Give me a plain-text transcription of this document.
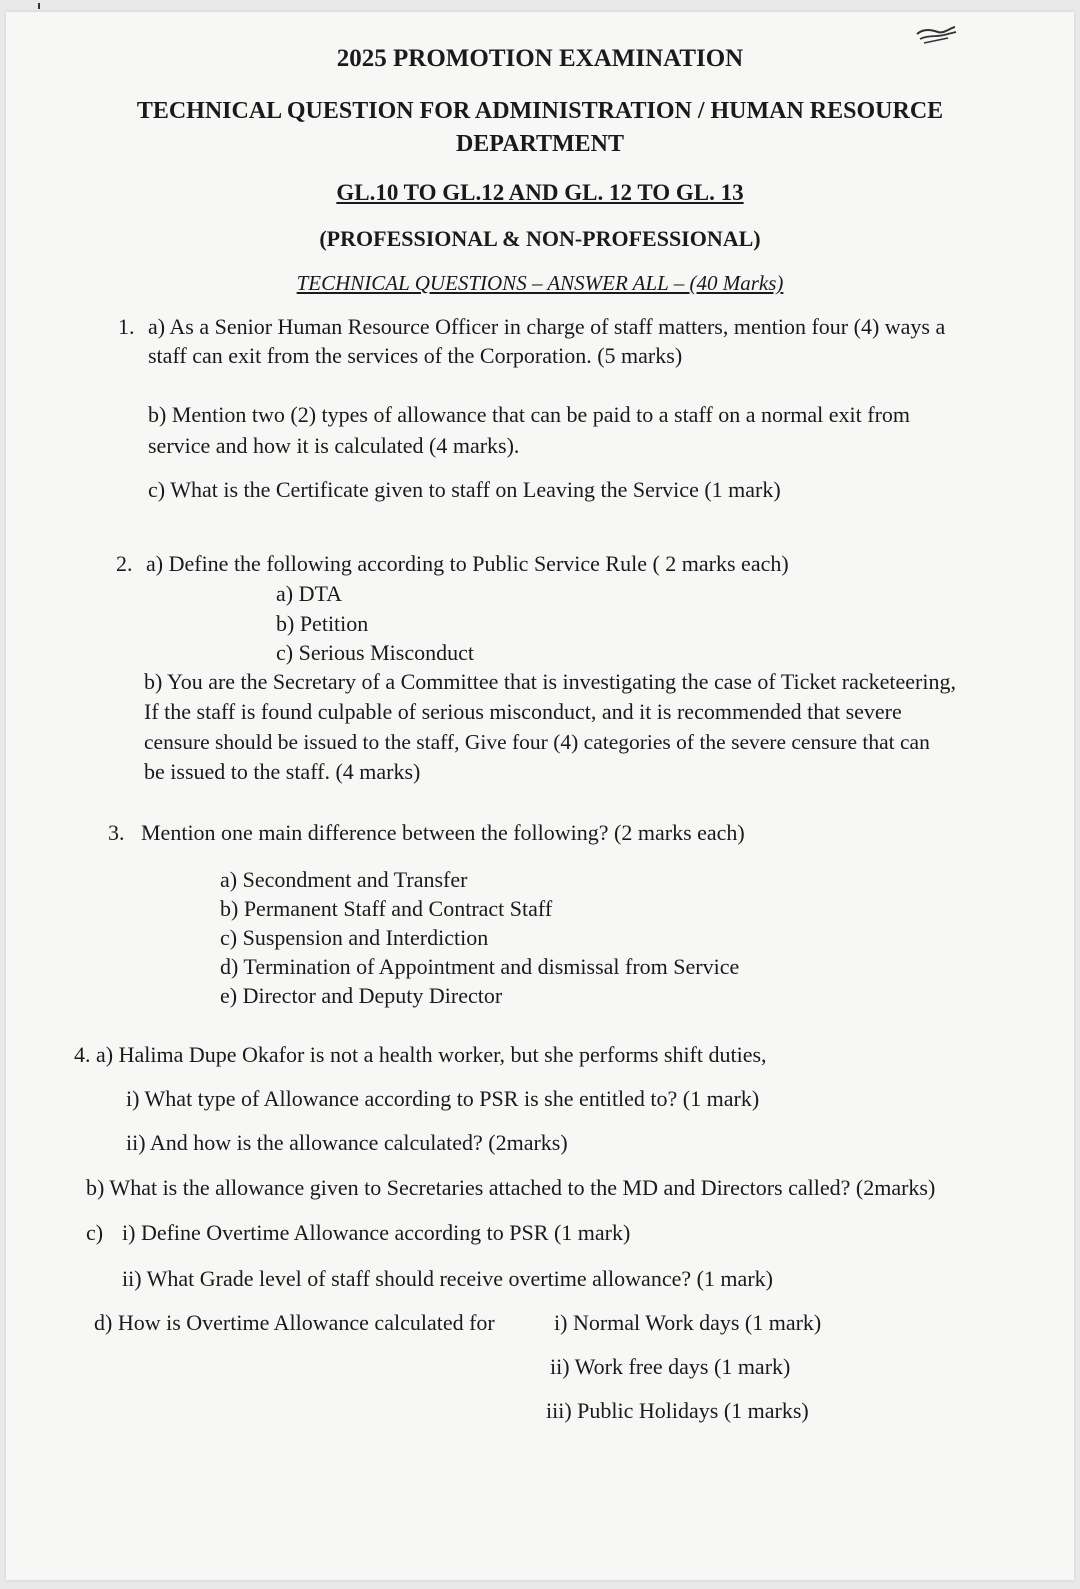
2025 PROMOTION EXAMINATION
TECHNICAL QUESTION FOR ADMINISTRATION / HUMAN RESOURCE
DEPARTMENT
GL.10 TO GL.12 AND GL. 12 TO GL. 13
(PROFESSIONAL & NON-PROFESSIONAL)
TECHNICAL QUESTIONS – ANSWER ALL – (40 Marks)
1. a) As a Senior Human Resource Officer in charge of staff matters, mention four (4) ways a
staff can exit from the services of the Corporation. (5 marks)
b) Mention two (2) types of allowance that can be paid to a staff on a normal exit from
service and how it is calculated (4 marks).
c) What is the Certificate given to staff on Leaving the Service (1 mark)
2. a) Define the following according to Public Service Rule ( 2 marks each)
a) DTA
b) Petition
c) Serious Misconduct
b) You are the Secretary of a Committee that is investigating the case of Ticket racketeering,
If the staff is found culpable of serious misconduct, and it is recommended that severe
censure should be issued to the staff, Give four (4) categories of the severe censure that can
be issued to the staff. (4 marks)
3. Mention one main difference between the following? (2 marks each)
a) Secondment and Transfer
b) Permanent Staff and Contract Staff
c) Suspension and Interdiction
d) Termination of Appointment and dismissal from Service
e) Director and Deputy Director
4. a) Halima Dupe Okafor is not a health worker, but she performs shift duties,
i) What type of Allowance according to PSR is she entitled to? (1 mark)
ii) And how is the allowance calculated? (2marks)
b) What is the allowance given to Secretaries attached to the MD and Directors called? (2marks)
c) i) Define Overtime Allowance according to PSR (1 mark)
ii) What Grade level of staff should receive overtime allowance? (1 mark)
d) How is Overtime Allowance calculated for	i) Normal Work days (1 mark)
ii) Work free days (1 mark)
iii) Public Holidays (1 marks)
